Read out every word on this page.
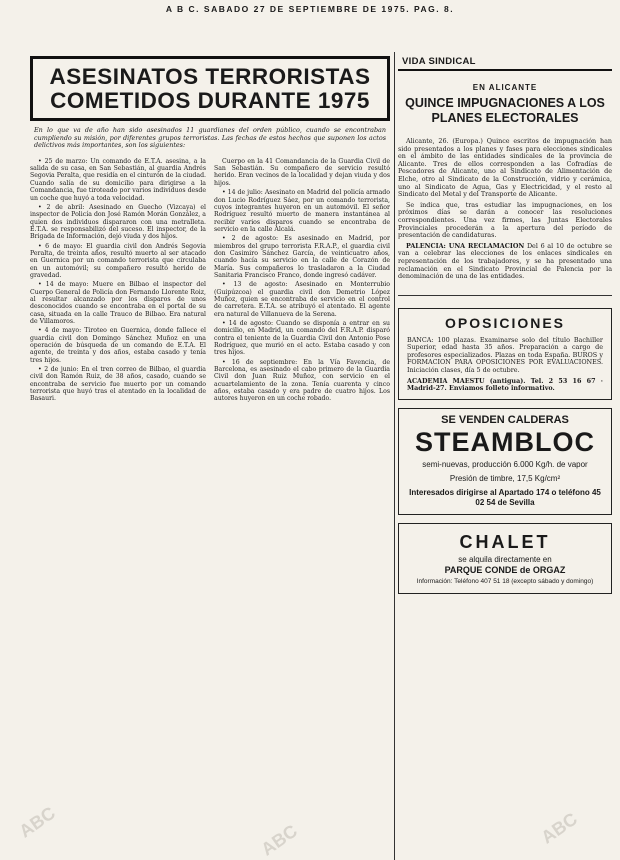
A B C. SABADO 27 DE SEPTIEMBRE DE 1975. PAG. 8.
ASESINATOS TERRORISTAS
COMETIDOS DURANTE 1975

En lo que va de año han sido asesinados 11 guardianes del orden público, cuando se encontraban cumpliendo su misión, por diferentes grupos terroristas. Las fechas de estos hechos que suponen los actos delictivos más importantes, son los siguientes:

• 25 de marzo: Un comando de E.T.A. asesina, a la salida de su casa, en San Sebastián, al guardia Andrés Segovia Peralta, que residía en el cinturón de la ciudad. Cuando salía de su domicilio para dirigirse a la Comandancia, fue tiroteado por varios individuos desde un coche que huyó a toda velocidad.

• 2 de abril: Asesinado en Guecho (Vizcaya) el inspector de Policía don José Ramón Morán González, a quien dos individuos dispararon con una metralleta. E.T.A. se responsabilizó del suceso. El inspector, de la Brigada de Información, dejó viuda y dos hijos.

• 6 de mayo: El guardia civil don Andrés Segovia Peralta, de treinta años, resultó muerto al ser atacado en Guernica por un comando terrorista que circulaba en un automóvil; su compañero resultó herido de gravedad.

• 14 de mayo: Muere en Bilbao el inspector del Cuerpo General de Policía don Fernando Llorente Roiz, al resultar alcanzado por los disparos de unos desconocidos cuando se encontraba en el portal de su casa, situada en la calle Trauco de Bilbao. Era natural de Villamoros.

• 4 de mayo: Tiroteo en Guernica, donde fallece el guardia civil don Domingo Sánchez Muñoz en una operación de búsqueda de un comando de E.T.A. El agente, de treinta y dos años, estaba casado y tenía tres hijos.

• 2 de junio: En el tren correo de Bilbao, el guardia civil don Ramón Ruiz, de 38 años, casado, cuando se encontraba de servicio fue muerto por un comando terrorista que huyó tras el atentado en la localidad de Basauri.

Cuerpo en la 41 Comandancia de la Guardia Civil de San Sebastián. Su compañero de servicio resultó herido. Eran vecinos de la localidad y dejan viuda y dos hijos.

• 14 de julio: Asesinato en Madrid del policía armado don Lucio Rodríguez Sáez, por un comando terrorista, cuyos integrantes huyeron en un automóvil. El señor Rodríguez resultó muerto de manera instantánea al recibir varios disparos cuando se encontraba de servicio en la calle Alcalá.

• 2 de agosto: Es asesinado en Madrid, por miembros del grupo terrorista F.R.A.P., el guardia civil don Casimiro Sánchez García, de veinticuatro años, cuando hacía su servicio en la calle de Corazón de María. Sus compañeros lo trasladaron a la Ciudad Sanitaria Francisco Franco, donde ingresó cadáver.

• 13 de agosto: Asesinado en Monterrubio (Guipúzcoa) el guardia civil don Demetrio López Muñoz, quien se encontraba de servicio en el control de carretera. E.T.A. se atribuyó el atentado. El agente era natural de Villanueva de la Serena.

• 14 de agosto: Cuando se disponía a entrar en su domicilio, en Madrid, un comando del F.R.A.P. disparó contra el teniente de la Guardia Civil don Antonio Pose Rodríguez, que murió en el acto. Estaba casado y con tres hijos.

• 16 de septiembre: En la Vía Favencia, de Barcelona, es asesinado el cabo primero de la Guardia Civil don Juan Ruiz Muñoz, con servicio en el acuartelamiento de la zona. Tenía cuarenta y cinco años, estaba casado y era padre de cuatro hijos. Los autores huyeron en un coche robado.

VIDA SINDICAL
EN ALICANTE
QUINCE IMPUGNACIONES A LOS
PLANES ELECTORALES

Alicante, 26. (Europa.) Quince escritos de impugnación han sido presentados a los planes y fases para elecciones sindicales en el ámbito de las entidades sindicales de la provincia de Alicante. Tres de ellos corresponden a las Cofradías de Pescadores de Alicante, uno al Sindicato de Alimentación de Elche, otro al Sindicato de la Construcción, vidrio y cerámica, uno al Sindicato de Agua, Gas y Electricidad, y el resto al Sindicato del Metal y del Transporte de Alicante.

Se indica que, tras estudiar las impugnaciones, en los próximos días se darán a conocer las resoluciones correspondientes. Una vez firmes, las Juntas Electorales Provinciales procederán a la apertura del período de presentación de candidaturas.

PALENCIA: UNA RECLAMACION Del 6 al 10 de octubre se van a celebrar las elecciones de los enlaces sindicales en representación de los trabajadores, y se ha presentado una reclamación en el Sindicato Provincial de Palencia por la denominación de una de las entidades.

OPOSICIONES
BANCA: 100 plazas. Examinarse solo del título Bachiller Superior, edad hasta 35 años. Preparación a cargo de profesores especializados. Plazas en toda España. BUROS y FORMACION PARA OPOSICIONES POR EVALUACIONES. Iniciación clases, día 5 de octubre.
ACADEMIA MAESTU (antigua). Tel. 2 53 16 67 · Madrid-27. Enviamos folleto informativo.
SE VENDEN CALDERAS
STEAMBLOC
semi-nuevas, producción 6.000 Kg/h. de vapor
Presión de timbre, 17,5 Kg/cm²
Interesados dirigirse al Apartado 174 o teléfono 45 02 54 de Sevilla
CHALET
se alquila directamente en
PARQUE CONDE de ORGAZ
Información: Teléfono 407 51 18 (excepto sábado y domingo)
ABC	ABC	ABC
